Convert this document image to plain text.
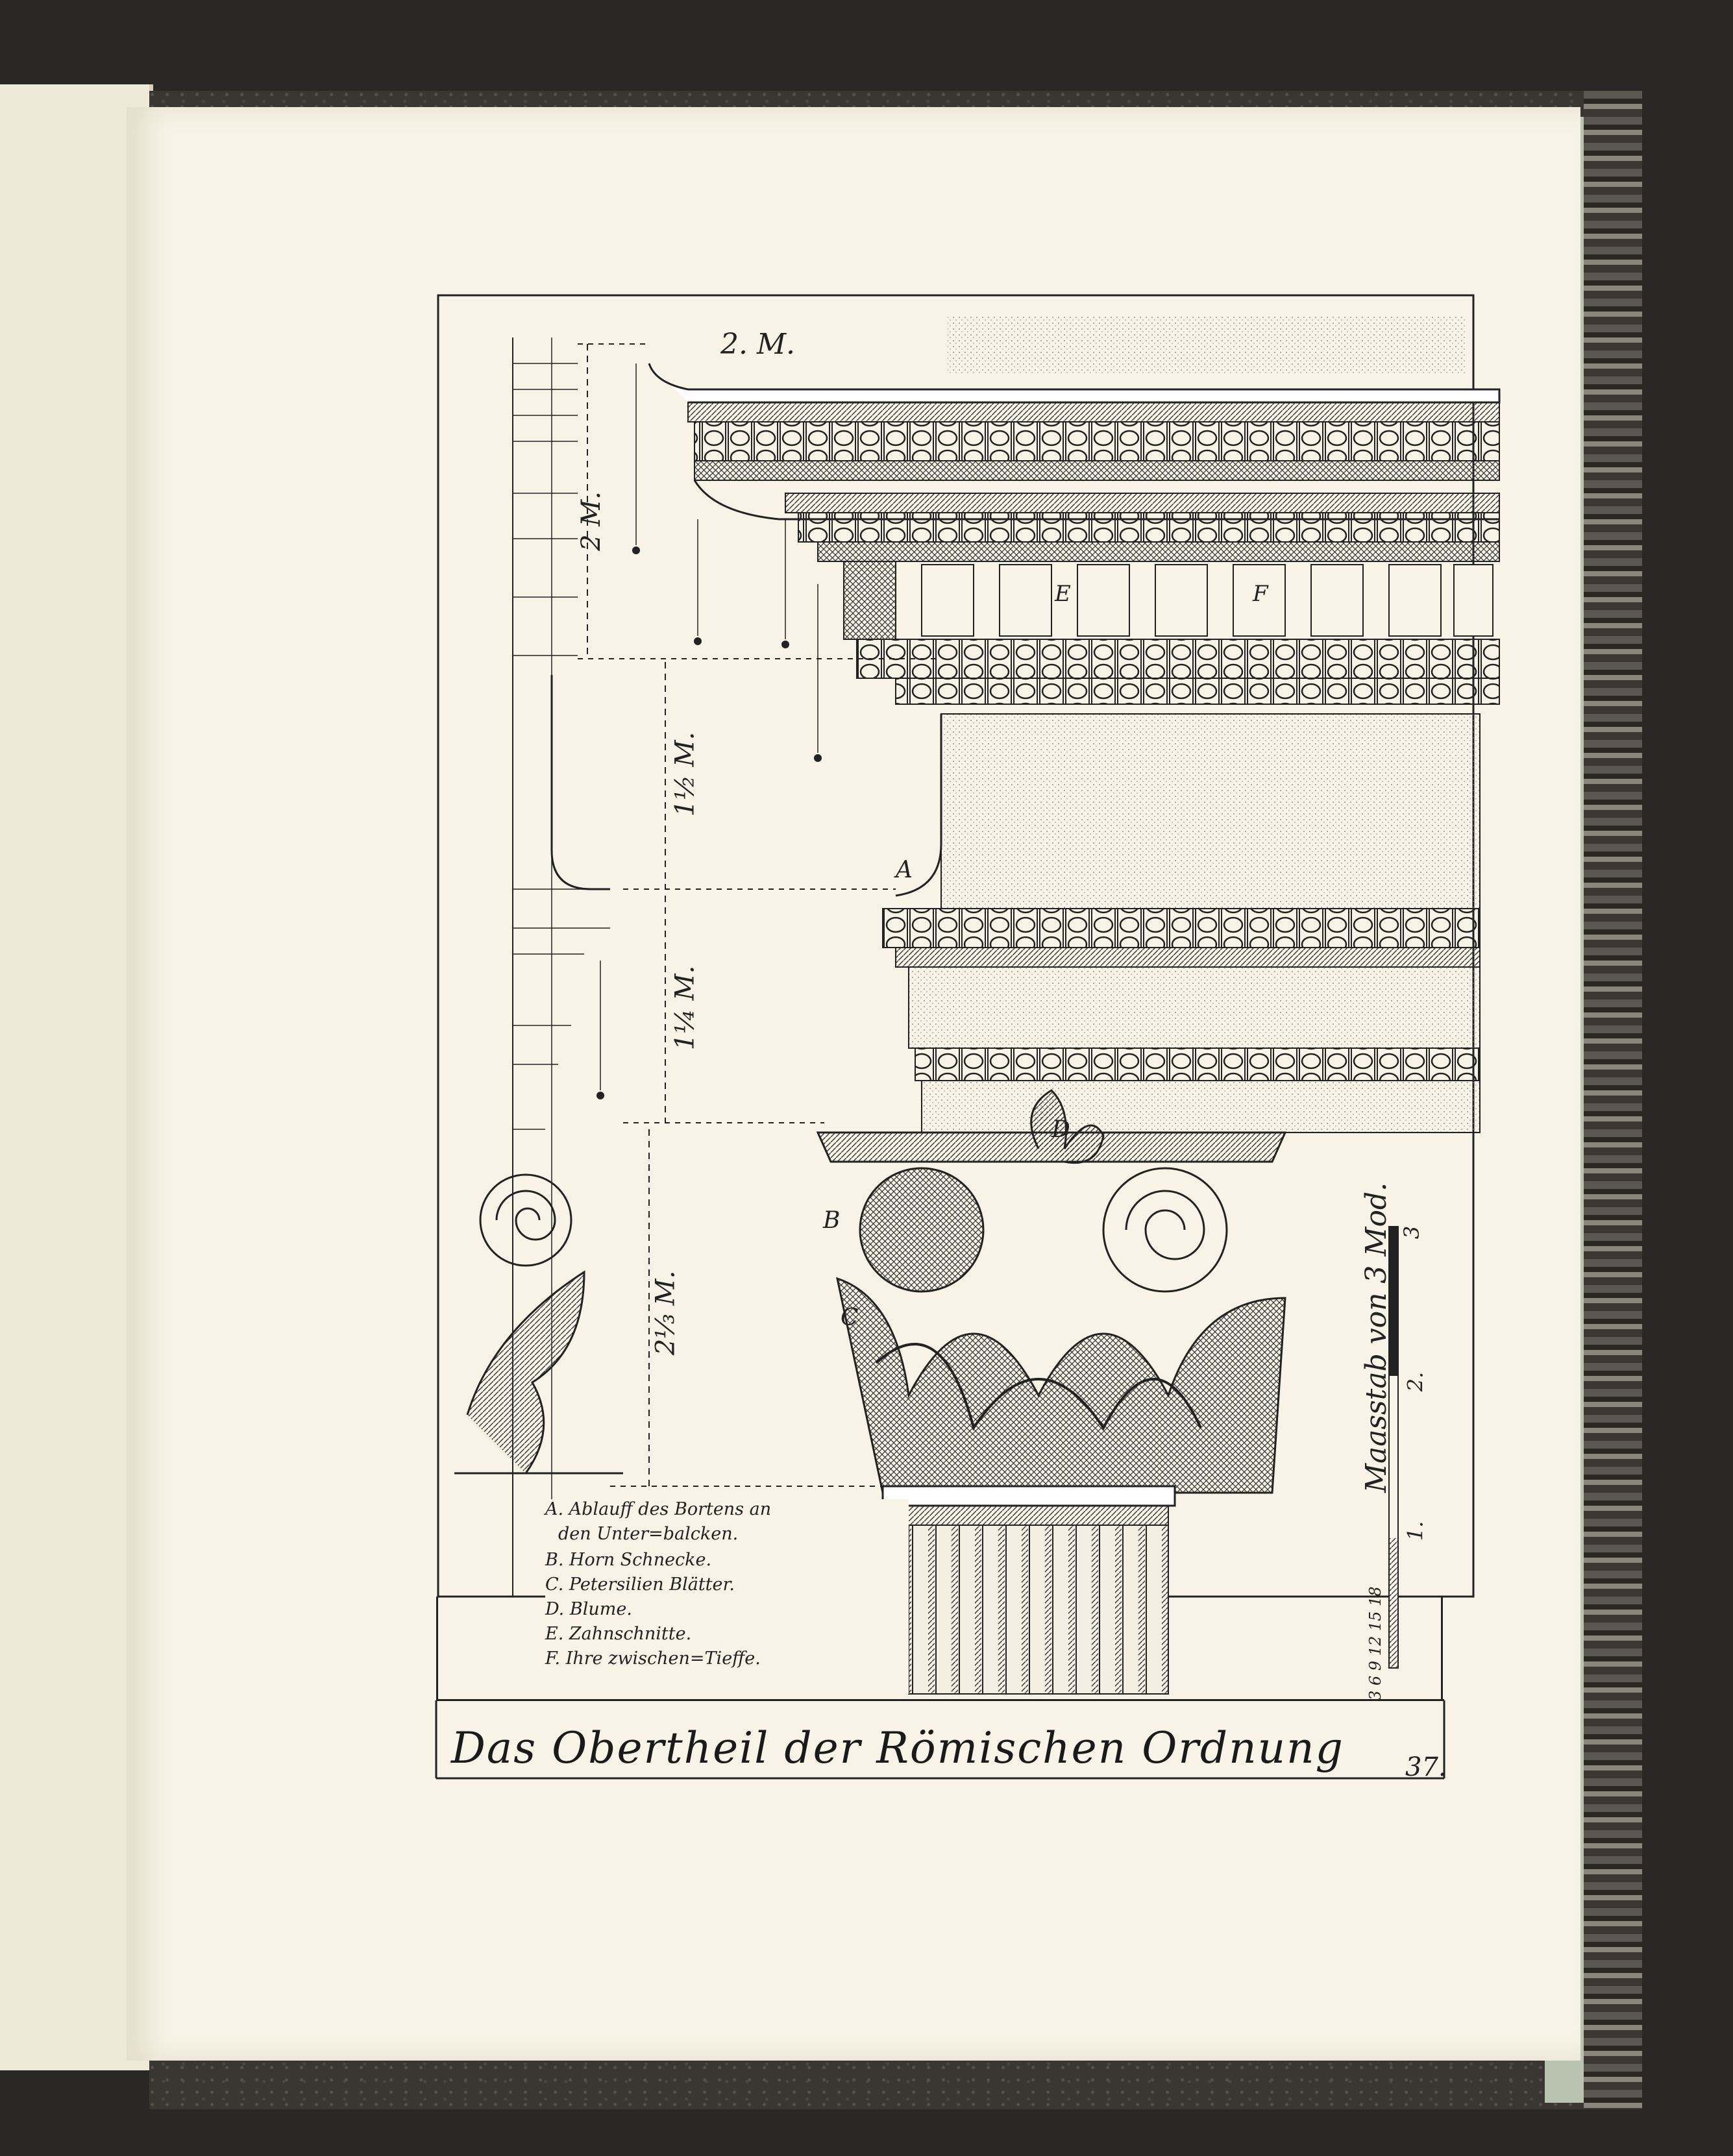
2. M.
2 M.
1½ M.
1¼ M.
2⅓ M.
A
B
C
D
E	F
A. Ablauff des Bortens an
den Unter=balcken.
B. Horn Schnecke.
C. Petersilien Blätter.
D. Blume.
E. Zahnschnitte.
F. Ihre zwischen=Tieffe.
Maasstab von 3 Mod.
3 6 9 12 15 18
1.
2.
3
Das Obertheil der Römischen Ordnung 37.
